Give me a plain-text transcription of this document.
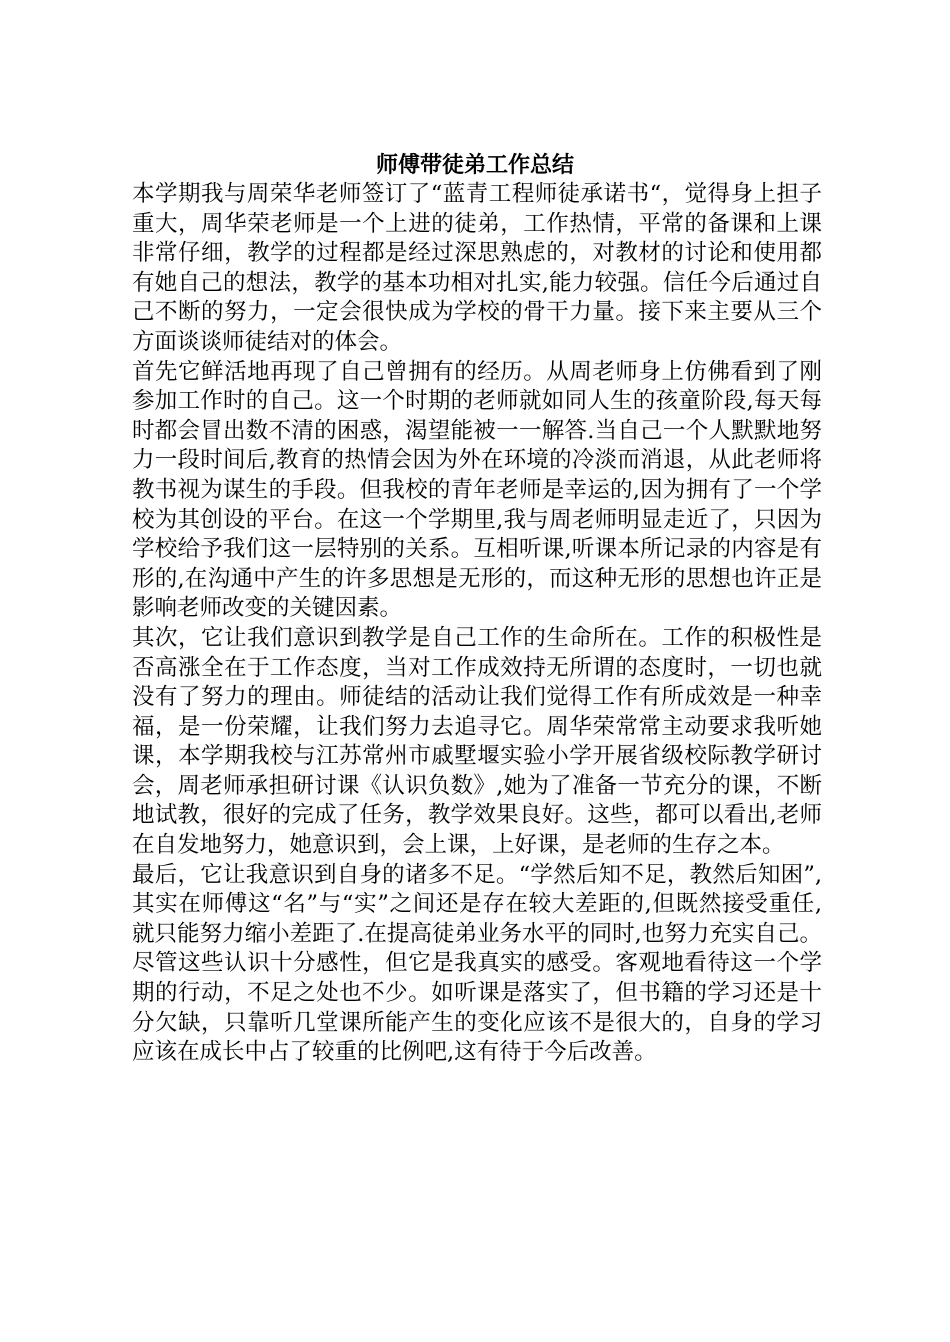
师傅带徒弟工作总结

本学期我与周荣华老师签订了“蓝青工程师徒承诺书“，觉得身上担子重大，周华荣老师是一个上进的徒弟，工作热情，平常的备课和上课非常仔细，教学的过程都是经过深思熟虑的，对教材的讨论和使用都有她自己的想法，教学的基本功相对扎实,能力较强。信任今后通过自己不断的努力，一定会很快成为学校的骨干力量。接下来主要从三个方面谈谈师徒结对的体会。

首先它鲜活地再现了自己曾拥有的经历。从周老师身上仿佛看到了刚参加工作时的自己。这一个时期的老师就如同人生的孩童阶段,每天每时都会冒出数不清的困惑，渴望能被一一解答.当自己一个人默默地努力一段时间后,教育的热情会因为外在环境的冷淡而消退，从此老师将教书视为谋生的手段。但我校的青年老师是幸运的,因为拥有了一个学校为其创设的平台。在这一个学期里,我与周老师明显走近了，只因为学校给予我们这一层特别的关系。互相听课,听课本所记录的内容是有形的,在沟通中产生的许多思想是无形的，而这种无形的思想也许正是影响老师改变的关键因素。

其次，它让我们意识到教学是自己工作的生命所在。工作的积极性是否高涨全在于工作态度，当对工作成效持无所谓的态度时，一切也就没有了努力的理由。师徒结的活动让我们觉得工作有所成效是一种幸福，是一份荣耀，让我们努力去追寻它。周华荣常常主动要求我听她课，本学期我校与江苏常州市戚墅堰实验小学开展省级校际教学研讨会，周老师承担研讨课《认识负数》,她为了准备一节充分的课，不断地试教，很好的完成了任务，教学效果良好。这些，都可以看出,老师在自发地努力，她意识到，会上课，上好课，是老师的生存之本。

最后，它让我意识到自身的诸多不足。“学然后知不足，教然后知困”,其实在师傅这“名”与“实”之间还是存在较大差距的,但既然接受重任,就只能努力缩小差距了.在提高徒弟业务水平的同时,也努力充实自己。尽管这些认识十分感性，但它是我真实的感受。客观地看待这一个学期的行动，不足之处也不少。如听课是落实了，但书籍的学习还是十分欠缺，只靠听几堂课所能产生的变化应该不是很大的，自身的学习应该在成长中占了较重的比例吧,这有待于今后改善。
